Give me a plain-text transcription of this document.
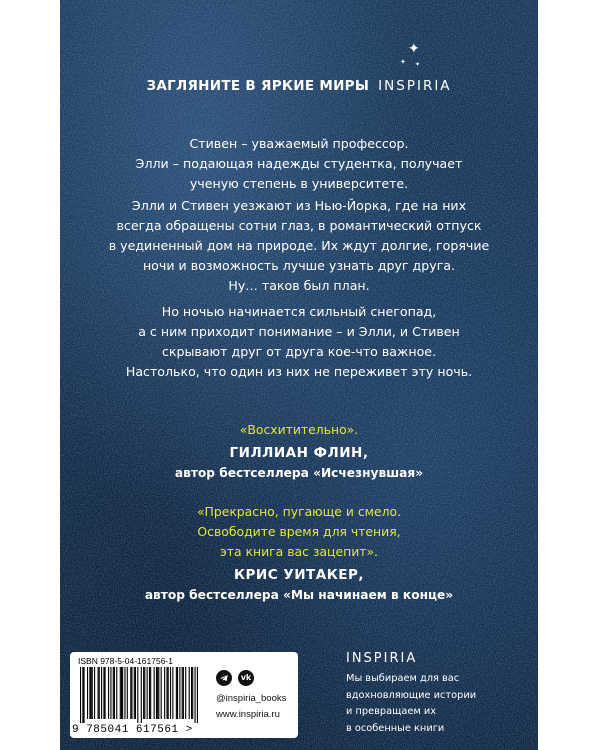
✦
✦ ✦
ЗАГЛЯНИТЕ В ЯРКИЕ МИРЫ INSPIRIA

Стивен – уважаемый профессор.
Элли – подающая надежды студентка, получает
ученую степень в университете.

Элли и Стивен уезжают из Нью-Йорка, где на них
всегда обращены сотни глаз, в романтический отпуск
в уединенный дом на природе. Их ждут долгие, горячие
ночи и возможность лучше узнать друг друга.
Ну… таков был план.

Но ночью начинается сильный снегопад,
а с ним приходит понимание – и Элли, и Стивен
скрывают друг от друга кое-что важное.
Настолько, что один из них не переживет эту ночь.

«Восхитительно».
ГИЛЛИАН ФЛИН,
автор бестселлера «Исчезнувшая»
«Прекрасно, пугающе и смело.
Освободите время для чтения,
эта книга вас зацепит».
КРИС УИТАКЕР,
автор бестселлера «Мы начинаем в конце»
ISBN 978-5-04-161756-1
9 785041 617561 >
vk
@inspiria_books
www.inspiria.ru
INSPIRIA

Мы выбираем для вас
вдохновляющие истории
и превращаем их
в особенные книги
